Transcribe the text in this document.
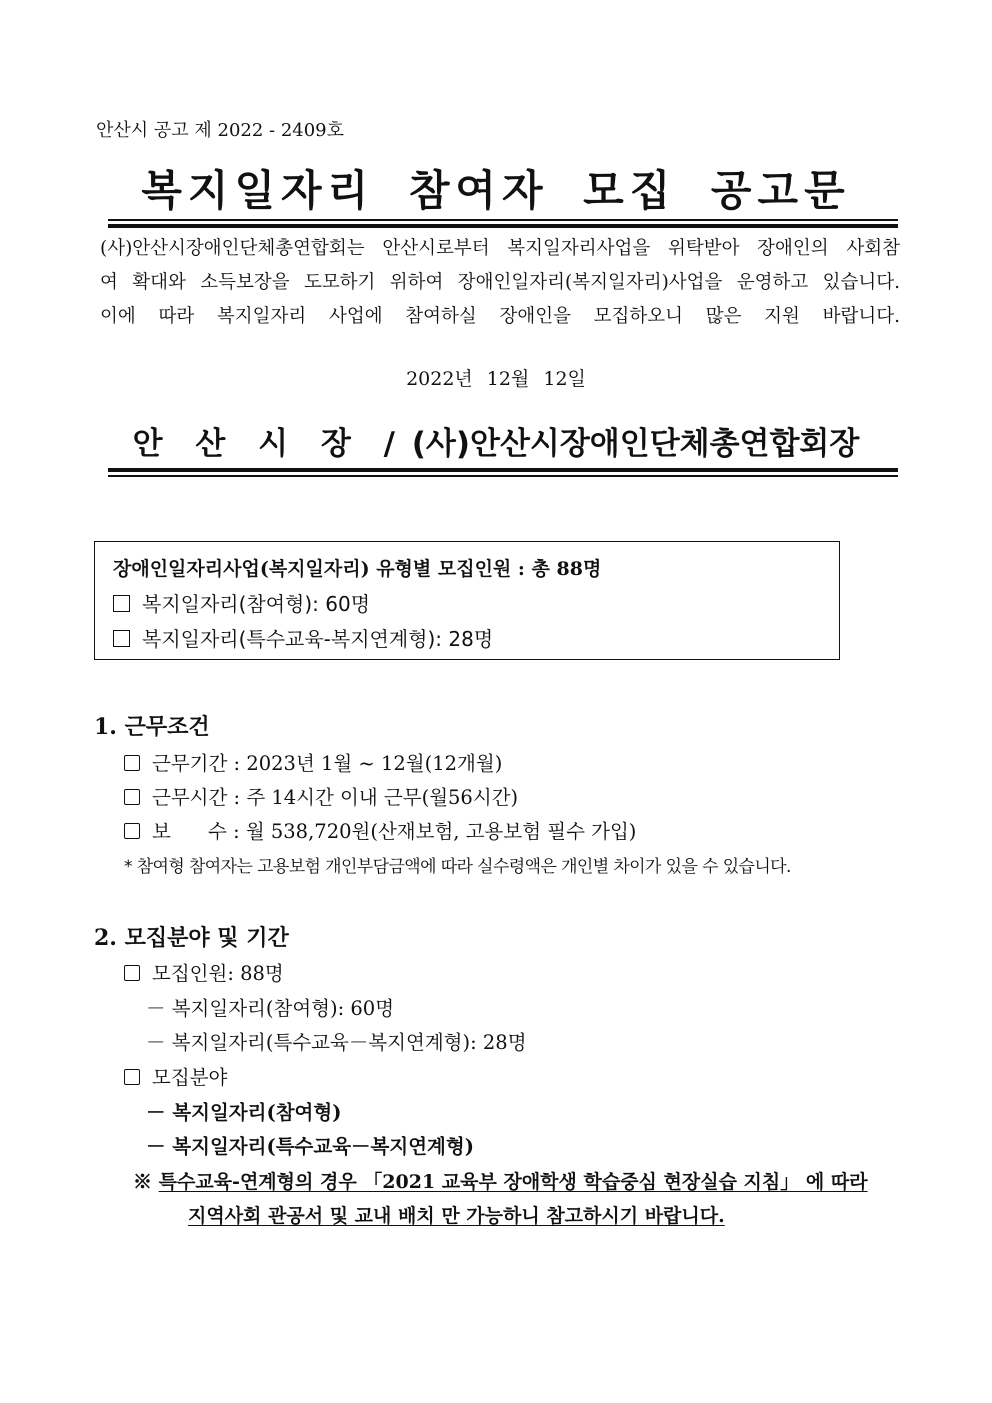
안산시 공고 제 2022 - 2409호
복지일자리 참여자 모집 공고문
(사)안산시장애인단체총연합회는 안산시로부터 복지일자리사업을 위탁받아 장애인의 사회참
여 확대와 소득보장을 도모하기 위하여 장애인일자리(복지일자리)사업을 운영하고 있습니다.
이에 따라 복지일자리 사업에 참여하실 장애인을 모집하오니 많은 지원 바랍니다.
2022년 12월 12일
안 산 시 장 / (사)안산시장애인단체총연합회장
장애인일자리사업(복지일자리) 유형별 모집인원 : 총 88명
복지일자리(참여형): 60명
복지일자리(특수교육-복지연계형): 28명
1. 근무조건
근무기간 : 2023년 1월 ~ 12월(12개월)
근무시간 : 주 14시간 이내 근무(월56시간)
보      수 : 월 538,720원(산재보험, 고용보험 필수 가입)
* 참여형 참여자는 고용보험 개인부담금액에 따라 실수령액은 개인별 차이가 있을 수 있습니다.
2. 모집분야 및 기간
모집인원: 88명
－ 복지일자리(참여형): 60명
－ 복지일자리(특수교육－복지연계형): 28명
모집분야
－ 복지일자리(참여형)
－ 복지일자리(특수교육－복지연계형)
※ 특수교육-연계형의 경우 「2021 교육부 장애학생 학습중심 현장실습 지침」 에 따라
지역사회 관공서 및 교내 배치 만 가능하니 참고하시기 바랍니다.
